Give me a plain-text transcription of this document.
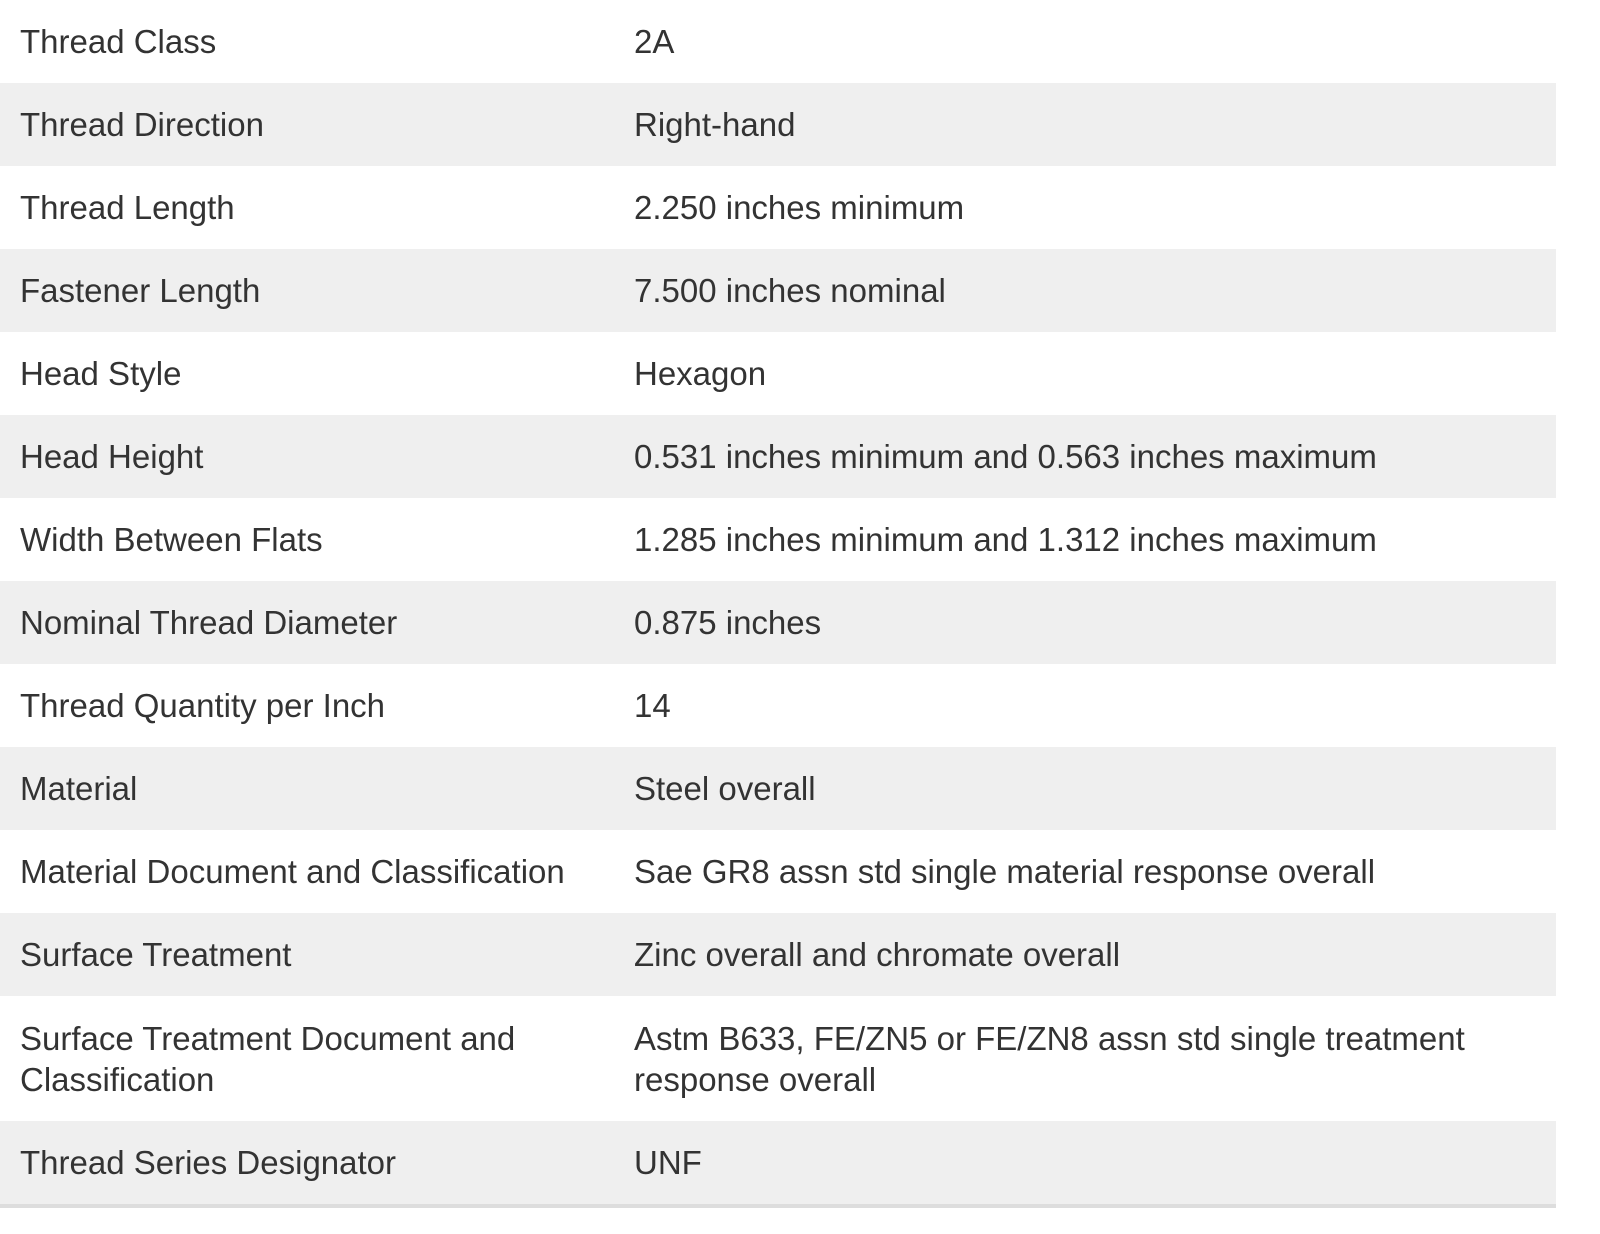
Thread Class	2A
Thread Direction	Right-hand
Thread Length	2.250 inches minimum
Fastener Length	7.500 inches nominal
Head Style	Hexagon
Head Height	0.531 inches minimum and 0.563 inches maximum
Width Between Flats	1.285 inches minimum and 1.312 inches maximum
Nominal Thread Diameter	0.875 inches
Thread Quantity per Inch	14
Material	Steel overall
Material Document and Classification	Sae GR8 assn std single material response overall
Surface Treatment	Zinc overall and chromate overall
Surface Treatment Document and Classification	Astm B633, FE/ZN5 or FE/ZN8 assn std single treatment response overall
Thread Series Designator	UNF
